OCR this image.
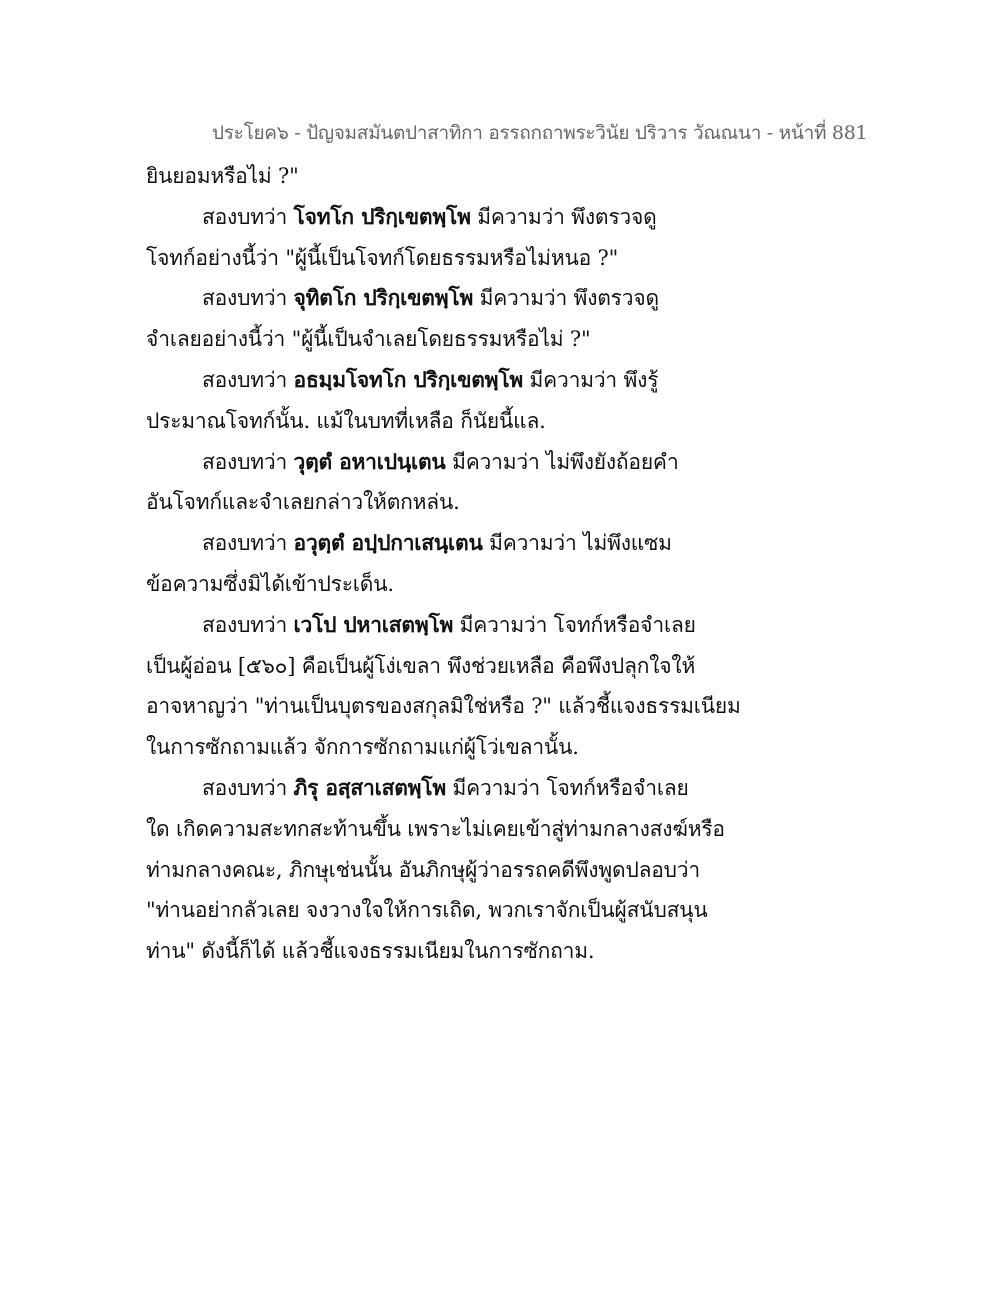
ประโยค๖ - ปัญจมสมันตปาสาทิกา อรรถกถาพระวินัย ปริวาร วัณณนา - หน้าที่ 881
ยินยอมหรือไม่ ?"
สองบทว่า โจทโก ปริกฺเขตพฺโพ มีความว่า พึงตรวจดู
โจทก์อย่างนี้ว่า "ผู้นี้เป็นโจทก์โดยธรรมหรือไม่หนอ ?"
สองบทว่า จุทิตโก ปริกฺเขตพฺโพ มีความว่า พึงตรวจดู
จำเลยอย่างนี้ว่า "ผู้นี้เป็นจำเลยโดยธรรมหรือไม่ ?"
สองบทว่า อธมฺมโจทโก ปริกฺเขตพฺโพ มีความว่า พึงรู้
ประมาณโจทก์นั้น. แม้ในบทที่เหลือ ก็นัยนี้แล.
สองบทว่า วุตฺตํ อหาเปนฺเตน มีความว่า ไม่พึงยังถ้อยคำ
อันโจทก์และจำเลยกล่าวให้ตกหล่น.
สองบทว่า อวุตฺตํ อปฺปกาเสนฺเตน มีความว่า ไม่พึงแซม
ข้อความซึ่งมิได้เข้าประเด็น.
สองบทว่า เวโป ปหาเสตพฺโพ มีความว่า โจทก์หรือจำเลย
เป็นผู้อ่อน [๕๖๐] คือเป็นผู้โง่เขลา พึงช่วยเหลือ คือพึงปลุกใจให้
อาจหาญว่า "ท่านเป็นบุตรของสกุลมิใช่หรือ ?" แล้วชี้แจงธรรมเนียม
ในการซักถามแล้ว จักการซักถามแก่ผู้โว่เขลานั้น.
สองบทว่า ภิรุ อสฺสาเสตพฺโพ มีความว่า โจทก์หรือจำเลย
ใด เกิดความสะทกสะท้านขึ้น เพราะไม่เคยเข้าสู่ท่ามกลางสงฆ์หรือ
ท่ามกลางคณะ, ภิกษุเช่นนั้น อันภิกษุผู้ว่าอรรถคดีพึงพูดปลอบว่า
"ท่านอย่ากลัวเลย จงวางใจให้การเถิด, พวกเราจักเป็นผู้สนับสนุน
ท่าน" ดังนี้ก็ได้ แล้วชี้แจงธรรมเนียมในการซักถาม.
